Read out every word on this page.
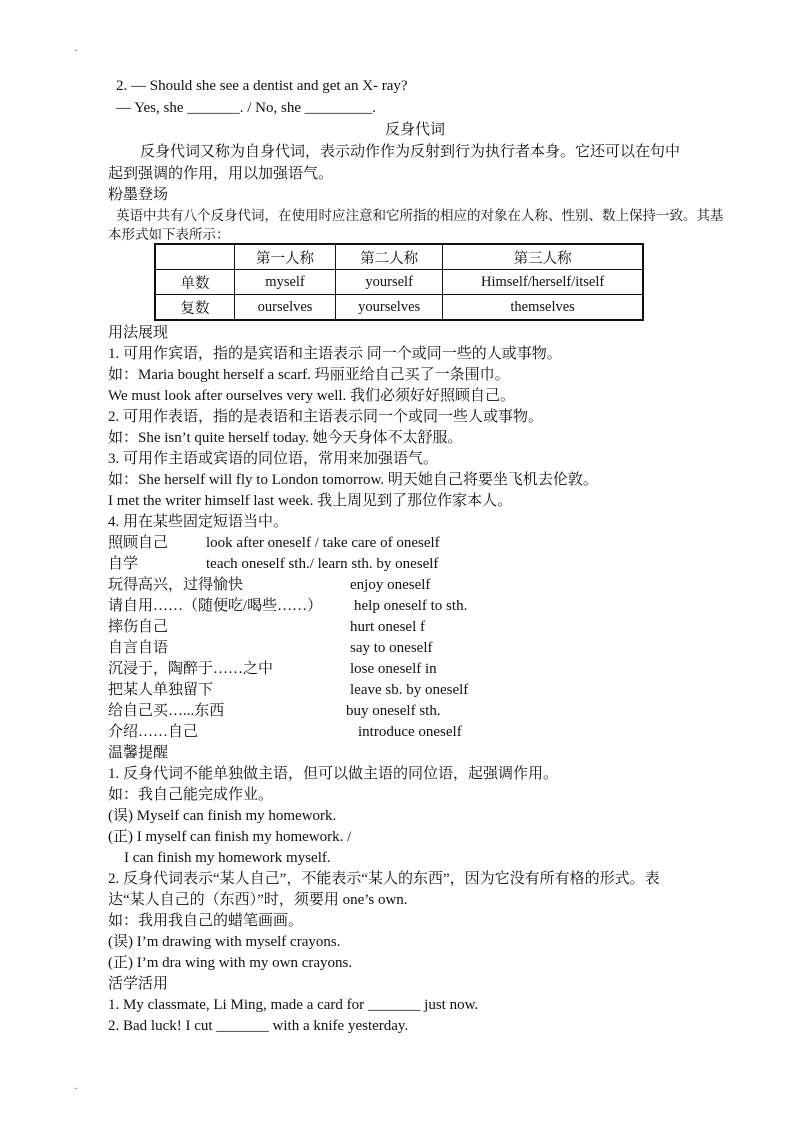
.
2. — Should she see a dentist and get an X- ray?
— Yes, she _______. / No, she _________.
反身代词
反身代词又称为自身代词，表示动作作为反射到行为执行者本身。它还可以在句中
起到强调的作用，用以加强语气。
粉墨登场
英语中共有八个反身代词，在使用时应注意和它所指的相应的对象在人称、性别、数上保持一致。其基
本形式如下表所示：
	第一人称	第二人称	第三人称
单数	myself	yourself	Himself/herself/itself
复数	ourselves	yourselves	themselves
用法展现
1. 可用作宾语，指的是宾语和主语表示 同一个或同一些的人或事物。
如：Maria bought herself a scarf. 玛丽亚给自己买了一条围巾。
We must look after ourselves very well. 我们必须好好照顾自己。
2. 可用作表语，指的是表语和主语表示同一个或同一些人或事物。
如：She isn’t quite herself today. 她今天身体不太舒服。
3. 可用作主语或宾语的同位语，常用来加强语气。
如：She herself will fly to London tomorrow. 明天她自己将要坐飞机去伦敦。
I met the writer himself last week. 我上周见到了那位作家本人。
4. 用在某些固定短语当中。
照顾自己	look after oneself / take care of oneself
自学	teach oneself sth./ learn sth. by oneself
玩得高兴，过得愉快	enjoy oneself
请自用……（随便吃/喝些……） help oneself to sth.
摔伤自己	hurt onesel f
自言自语	say to oneself
沉浸于，陶醉于……之中	lose oneself in
把某人单独留下	leave sb. by oneself
给自己买…...东西	buy oneself sth.
介绍……自己	introduce oneself
温馨提醒
1. 反身代词不能单独做主语，但可以做主语的同位语，起强调作用。
如：我自己能完成作业。
(误) Myself can finish my homework.
(正) I myself can finish my homework. /
I can finish my homework myself.
2. 反身代词表示“某人自己”，不能表示“某人的东西”，因为它没有所有格的形式。表
达“某人自己的（东西）”时，须要用 one’s own.
如：我用我自己的蜡笔画画。
(误) I’m drawing with myself crayons.
(正) I’m dra wing with my own crayons.
活学活用
1. My classmate, Li Ming, made a card for _______ just now.
2. Bad luck! I cut _______ with a knife yesterday.
.
